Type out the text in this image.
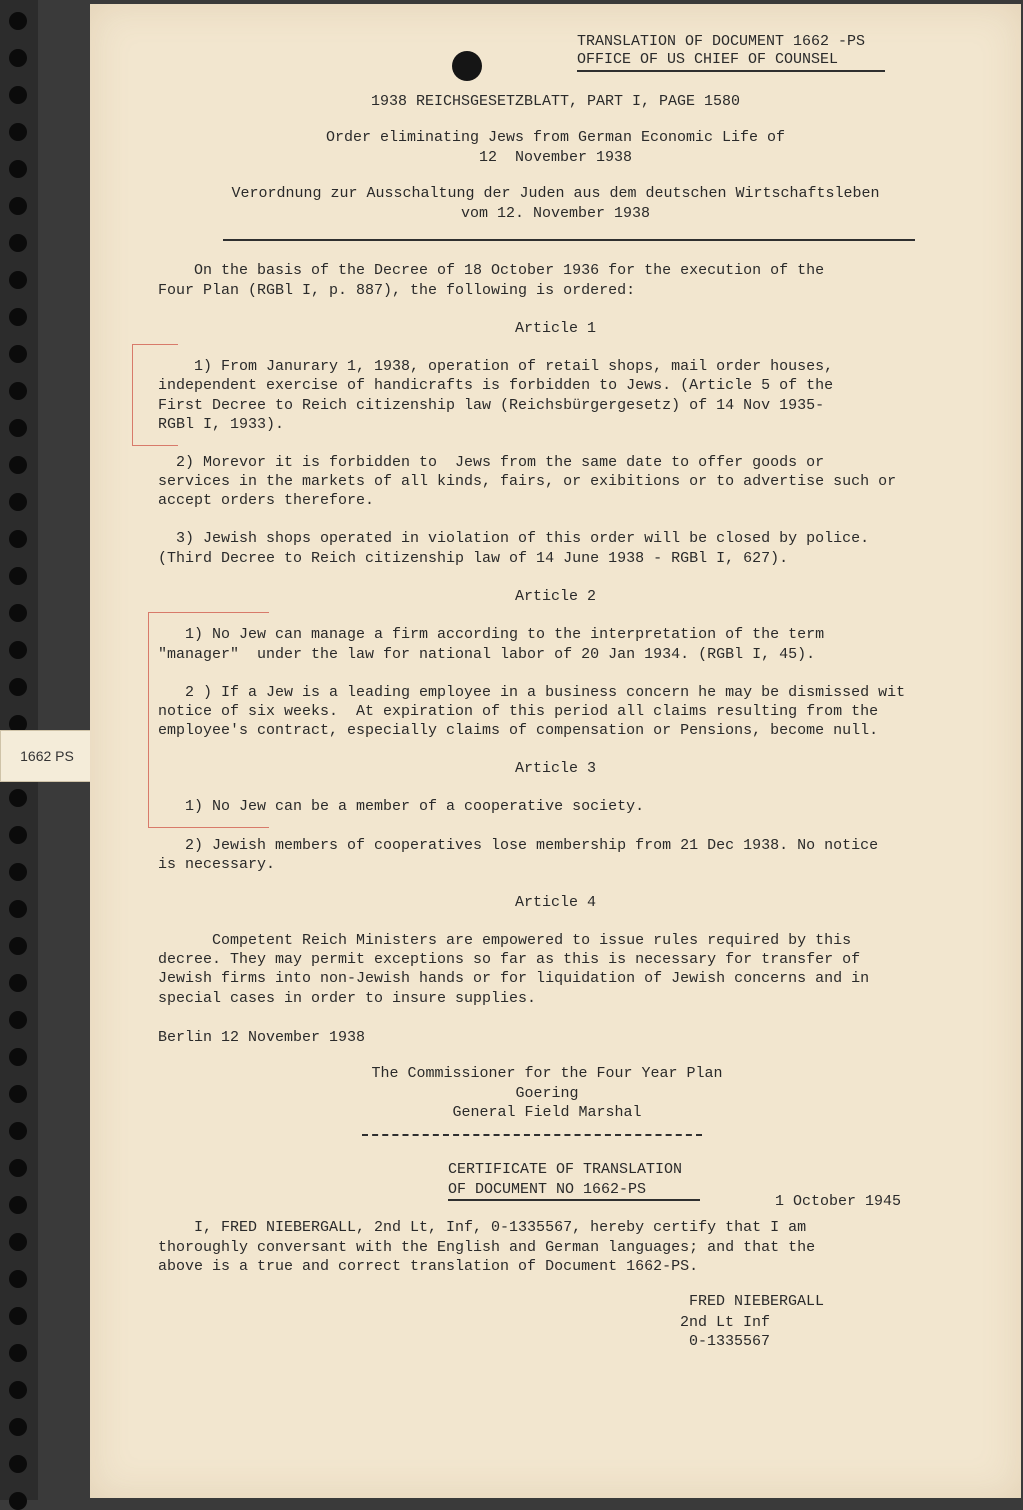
1662 PS
TRANSLATION OF DOCUMENT 1662 -PS
OFFICE OF US CHIEF OF COUNSEL
1938 REICHSGESETZBLATT, PART I, PAGE 1580
Order eliminating Jews from German Economic Life of
12  November 1938
Verordnung zur Ausschaltung der Juden aus dem deutschen Wirtschaftsleben
vom 12. November 1938
On the basis of the Decree of 18 October 1936 for the execution of the
Four Plan (RGBl I, p. 887), the following is ordered:
Article 1
1) From Janurary 1, 1938, operation of retail shops, mail order houses,
independent exercise of handicrafts is forbidden to Jews. (Article 5 of the
First Decree to Reich citizenship law (Reichsbürgergesetz) of 14 Nov 1935-
RGBl I, 1933).
2) Morevor it is forbidden to  Jews from the same date to offer goods or
services in the markets of all kinds, fairs, or exibitions or to advertise such or
accept orders therefore.
3) Jewish shops operated in violation of this order will be closed by police.
(Third Decree to Reich citizenship law of 14 June 1938 - RGBl I, 627).
Article 2
1) No Jew can manage a firm according to the interpretation of the term
"manager"  under the law for national labor of 20 Jan 1934. (RGBl I, 45).
2 ) If a Jew is a leading employee in a business concern he may be dismissed wit
notice of six weeks.  At expiration of this period all claims resulting from the
employee's contract, especially claims of compensation or Pensions, become null.
Article 3
1) No Jew can be a member of a cooperative society.
2) Jewish members of cooperatives lose membership from 21 Dec 1938. No notice
is necessary.
Article 4
Competent Reich Ministers are empowered to issue rules required by this
decree. They may permit exceptions so far as this is necessary for transfer of
Jewish firms into non-Jewish hands or for liquidation of Jewish concerns and in
special cases in order to insure supplies.
Berlin 12 November 1938
The Commissioner for the Four Year Plan
Goering
General Field Marshal
CERTIFICATE OF TRANSLATION
OF DOCUMENT NO 1662-PS
1 October 1945
I, FRED NIEBERGALL, 2nd Lt, Inf, 0-1335567, hereby certify that I am
thoroughly conversant with the English and German languages; and that the
above is a true and correct translation of Document 1662-PS.
FRED NIEBERGALL
2nd Lt Inf
0-1335567
